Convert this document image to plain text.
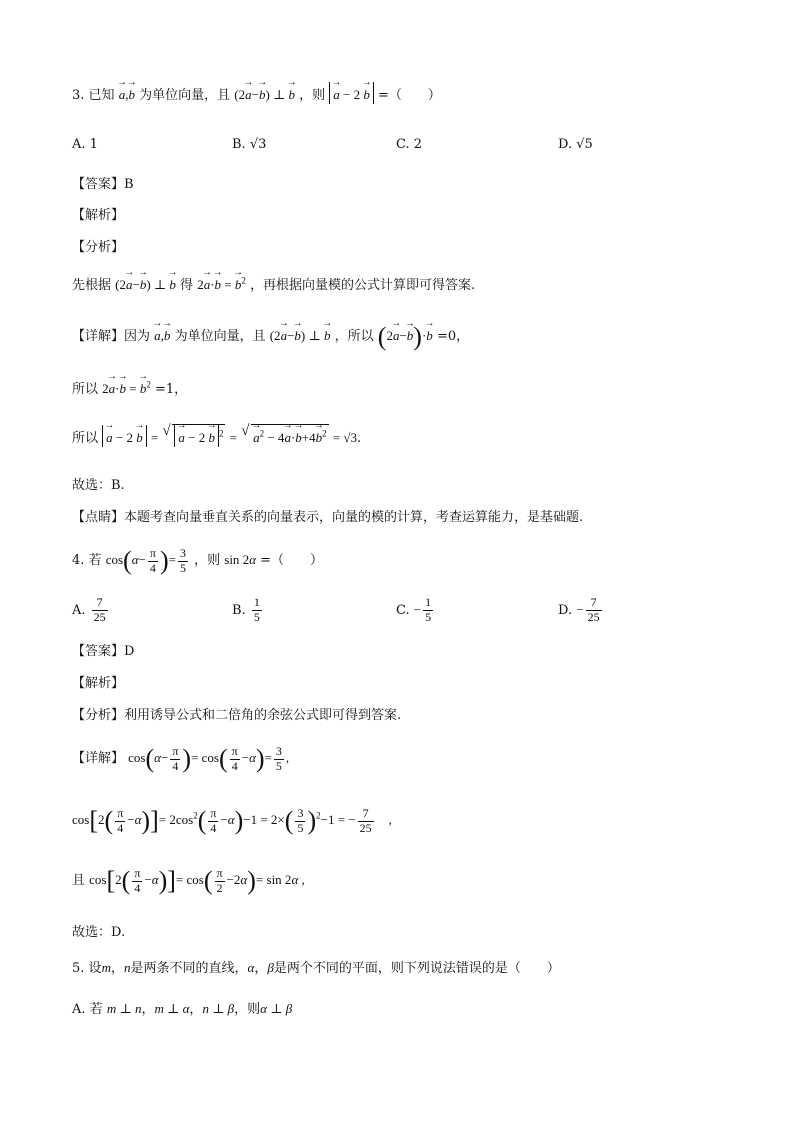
3. 已知 → a,→ b 为单位向量，且 (2→ a−→ b) ⊥ → b ，则 → a − 2 → b =（　　）
A. 1	B. √3	C. 2	D. √5
【答案】B
【解析】
【分析】
先根据 (2→ a−→ b) ⊥ → b 得 2→ a·→ b = → $b^2$ ，再根据向量模的公式计算即可得答案.
【详解】因为 → a,→ b 为单位向量，且 (2→ a−→ b) ⊥ → b ，所以 (2→ a−→ b)·→ b =0，
所以 2→ a·→ b = → $b^2 =1$，
所以 → a − 2 → b = √ → a − 2 → b $^2$ = √ → $a^2 - 4\to a\cdot\to b+4\to b^2 = √3$.
故选：B.
【点睛】本题考查向量垂直关系的向量表示，向量的模的计算，考查运算能力，是基础题.
4. 若 $\cos(\alpha- \frac{\pi}{4}$ )= $\frac{3}{5}$ ，则 sin 2α =（　　）
A. $\frac{7}{25}$	B. $\frac{1}{5}$	C. − $\frac{1}{5}$	D. − $\frac{7}{25}$
【答案】D
【解析】
【分析】利用诱导公式和二倍角的余弦公式即可得到答案.
【详解】 $\cos(\alpha- \frac{\pi}{4}$ )= $\cos( \frac{\pi}{4} -\alpha)= \frac{3}{5}$ ,
$\cos[2( \frac{\pi}{4} -\alpha)]= 2\cos^2( \frac{\pi}{4} -\alpha)-1 = 2\times( \frac{3}{5} )^2-1$ = − $\frac{7}{25}$ 　,
且 $\cos[2( \frac{\pi}{4} -\alpha)]= \cos( \frac{\pi}{2} -2\alpha)= \sin 2\alpha$ ,
故选：D.
5. 设m，n是两条不同的直线，α，β是两个不同的平面，则下列说法错误的是（　　）
A. 若 m ⊥ n，m ⊥ α，n ⊥ β，则α ⊥ β
